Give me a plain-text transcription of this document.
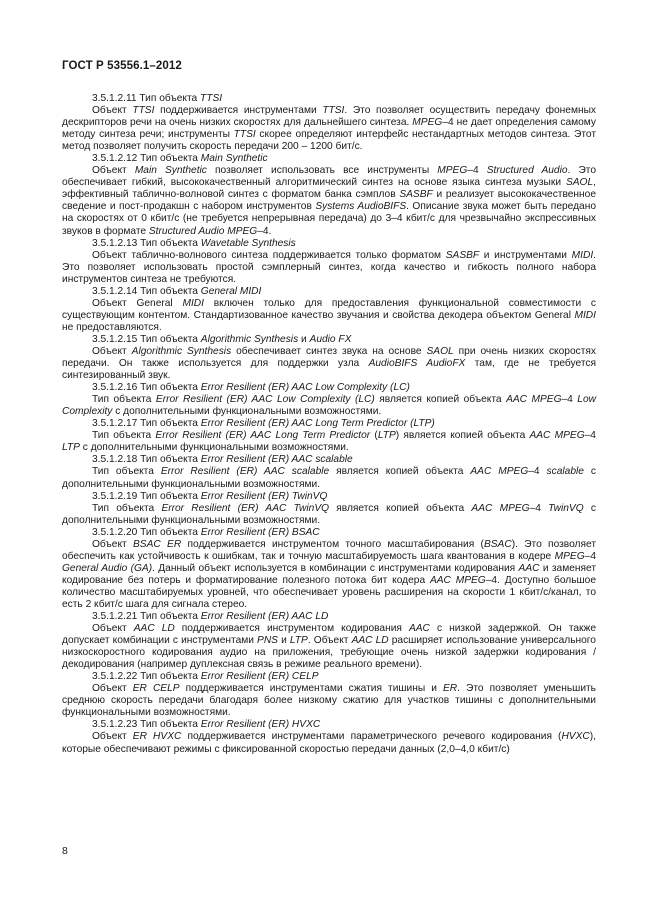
ГОСТ Р 53556.1–2012

3.5.1.2.11 Тип объекта TTSI

Объект TTSI поддерживается инструментами TTSI. Это позволяет осуществить передачу фонемных дескрипторов речи на очень низких скоростях для дальнейшего синтеза. MPEG–4 не дает определения самому методу синтеза речи; инструменты TTSI скорее определяют интерфейс нестандартных методов синтеза. Этот метод позволяет получить скорость передачи 200 – 1200 бит/с.

3.5.1.2.12 Тип объекта Main Synthetic

Объект Main Synthetic позволяет использовать все инструменты MPEG–4 Structured Audio. Это обеспечивает гибкий, высококачественный алгоритмический синтез на основе языка синтеза музыки SAOL, эффективный таблично-волновой синтез с форматом банка сэмплов SASBF и реализует высококачественное сведение и пост-продакшн с набором инструментов Systems AudioBIFS. Описание звука может быть передано на скоростях от 0 кбит/с (не требуется непрерывная передача) до 3–4 кбит/с для чрезвычайно экспрессивных звуков в формате Structured Audio MPEG–4.

3.5.1.2.13 Тип объекта Wavetable Synthesis

Объект таблично-волнового синтеза поддерживается только форматом SASBF и инструментами MIDI. Это позволяет использовать простой сэмплерный синтез, когда качество и гибкость полного набора инструментов синтеза не требуются.

3.5.1.2.14 Тип объекта General MIDI

Объект General MIDI включен только для предоставления функциональной совместимости с существующим контентом. Стандартизованное качество звучания и свойства декодера объектом General MIDI не предоставляются.

3.5.1.2.15 Тип объекта Algorithmic Synthesis и Audio FX

Объект Algorithmic Synthesis обеспечивает синтез звука на основе SAOL при очень низких скоростях передачи. Он также используется для поддержки узла AudioBIFS AudioFX там, где не требуется синтезированный звук.

3.5.1.2.16 Тип объекта Error Resilient (ER) AAC Low Complexity (LC)

Тип объекта Error Resilient (ER) AAC Low Complexity (LC) является копией объекта AAC MPEG–4 Low Complexity с дополнительными функциональными возможностями.

3.5.1.2.17 Тип объекта Error Resilient (ER) AAC Long Term Predictor (LTP)

Тип объекта Error Resilient (ER) AAC Long Term Predictor (LTP) является копией объекта AAC MPEG–4 LTP с дополнительными функциональными возможностями.

3.5.1.2.18 Тип объекта Error Resilient (ER) AAC scalable

Тип объекта Error Resilient (ER) AAC scalable является копией объекта AAC MPEG–4 scalable с дополнительными функциональными возможностями.

3.5.1.2.19 Тип объекта Error Resilient (ER) TwinVQ

Тип объекта Error Resilient (ER) AAC TwinVQ является копией объекта AAC MPEG–4 TwinVQ с дополнительными функциональными возможностями.

3.5.1.2.20 Тип объекта Error Resilient (ER) BSAC

Объект BSAC ER поддерживается инструментом точного масштабирования (BSAC). Это позволяет обеспечить как устойчивость к ошибкам, так и точную масштабируемость шага квантования в кодере MPEG–4 General Audio (GA). Данный объект используется в комбинации с инструментами кодирования AAC и заменяет кодирование без потерь и форматирование полезного потока бит кодера AAC MPEG–4. Доступно большое количество масштабируемых уровней, что обеспечивает уровень расширения на скорости 1 кбит/с/канал, то есть 2 кбит/с шага для сигнала стерео.

3.5.1.2.21 Тип объекта Error Resilient (ER) AAC LD

Объект AAC LD поддерживается инструментом кодирования AAC с низкой задержкой. Он также допускает комбинации с инструментами PNS и LTP. Объект AAC LD расширяет использование универсального низкоскоростного кодирования аудио на приложения, требующие очень низкой задержки кодирования / декодирования (например дуплексная связь в режиме реального времени).

3.5.1.2.22 Тип объекта Error Resilient (ER) CELP

Объект ER CELP поддерживается инструментами сжатия тишины и ER. Это позволяет уменьшить среднюю скорость передачи благодаря более низкому сжатию для участков тишины с дополнительными функциональными возможностями.

3.5.1.2.23 Тип объекта Error Resilient (ER) HVXC

Объект ER HVXC поддерживается инструментами параметрического речевого кодирования (HVXC), которые обеспечивают режимы с фиксированной скоростью передачи данных (2,0–4,0 кбит/с)

8
